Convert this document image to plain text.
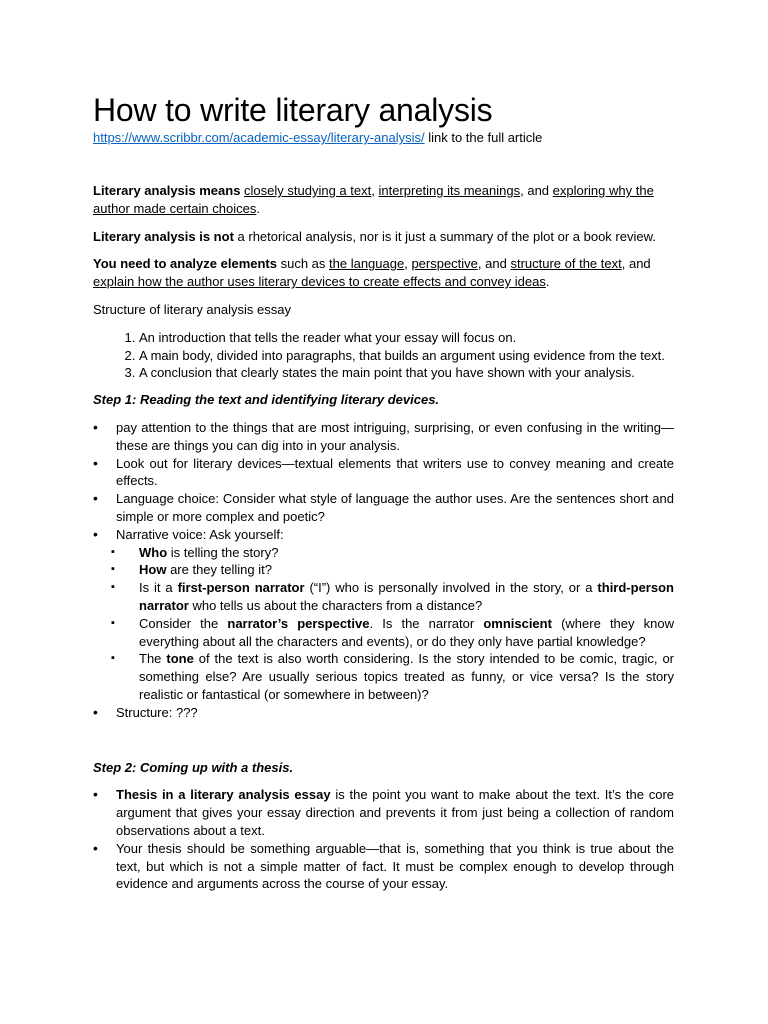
How to write literary analysis
https://www.scribbr.com/academic-essay/literary-analysis/ link to the full article

Literary analysis means closely studying a text, interpreting its meanings, and exploring why the author made certain choices.

Literary analysis is not a rhetorical analysis, nor is it just a summary of the plot or a book review.

You need to analyze elements such as the language, perspective, and structure of the text, and explain how the author uses literary devices to create effects and convey ideas.

Structure of literary analysis essay

1. An introduction that tells the reader what your essay will focus on.
2. A main body, divided into paragraphs, that builds an argument using evidence from the text.
3. A conclusion that clearly states the main point that you have shown with your analysis.

Step 1: Reading the text and identifying literary devices.

• pay attention to the things that are most intriguing, surprising, or even confusing in the writing—these are things you can dig into in your analysis.
• Look out for literary devices—textual elements that writers use to convey meaning and create effects.
• Language choice: Consider what style of language the author uses. Are the sentences short and simple or more complex and poetic?
• Narrative voice: Ask yourself:
▪ Who is telling the story?
▪ How are they telling it?
▪ Is it a first-person narrator (“I”) who is personally involved in the story, or a third-person narrator who tells us about the characters from a distance?
▪ Consider the narrator’s perspective. Is the narrator omniscient (where they know everything about all the characters and events), or do they only have partial knowledge?
▪ The tone of the text is also worth considering. Is the story intended to be comic, tragic, or something else? Are usually serious topics treated as funny, or vice versa? Is the story realistic or fantastical (or somewhere in between)?
• Structure: ???

Step 2: Coming up with a thesis.

• Thesis in a literary analysis essay is the point you want to make about the text. It’s the core argument that gives your essay direction and prevents it from just being a collection of random observations about a text.
• Your thesis should be something arguable—that is, something that you think is true about the text, but which is not a simple matter of fact. It must be complex enough to develop through evidence and arguments across the course of your essay.
